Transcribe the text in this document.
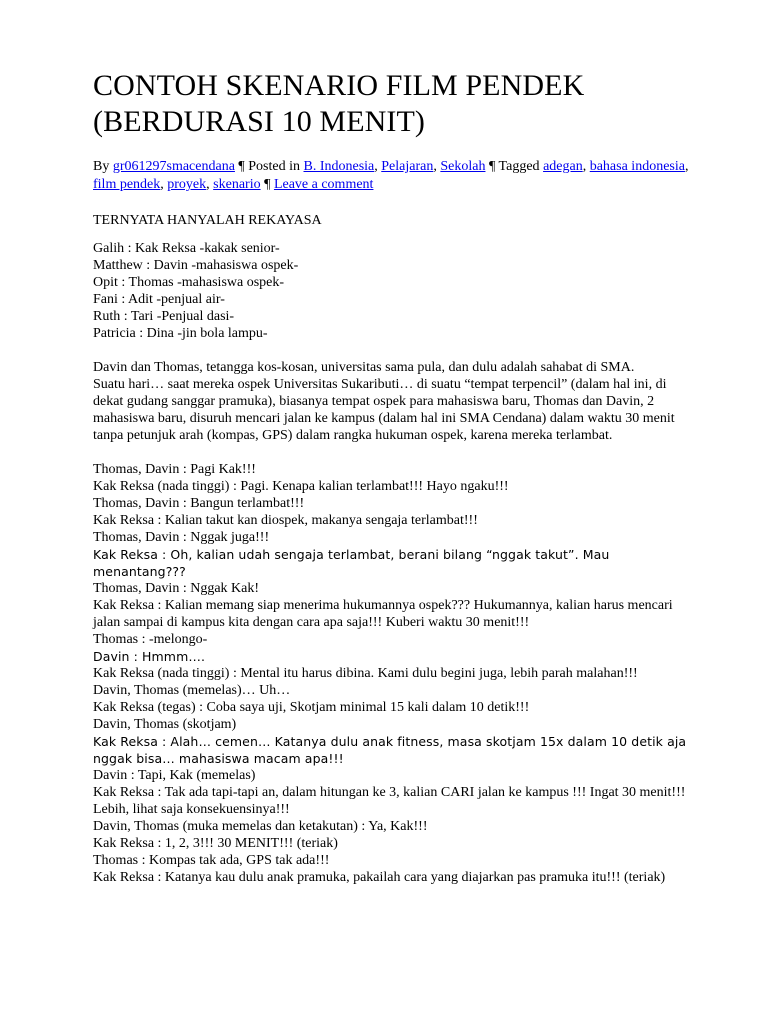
CONTOH SKENARIO FILM PENDEK
(BERDURASI 10 MENIT)
By gr061297smacendana ¶ Posted in B. Indonesia, Pelajaran, Sekolah ¶ Tagged adegan, bahasa indonesia, film pendek, proyek, skenario ¶ Leave a comment
TERNYATA HANYALAH REKAYASA
Galih : Kak Reksa -kakak senior-
Matthew : Davin -mahasiswa ospek-
Opit : Thomas -mahasiswa ospek-
Fani : Adit -penjual air-
Ruth : Tari -Penjual dasi-
Patricia : Dina -jin bola lampu-
Davin dan Thomas, tetangga kos-kosan, universitas sama pula, dan dulu adalah sahabat di SMA.
Suatu hari… saat mereka ospek Universitas Sukaributi… di suatu “tempat terpencil” (dalam hal ini, di dekat gudang sanggar pramuka), biasanya tempat ospek para mahasiswa baru, Thomas dan Davin, 2 mahasiswa baru, disuruh mencari jalan ke kampus (dalam hal ini SMA Cendana) dalam waktu 30 menit tanpa petunjuk arah (kompas, GPS) dalam rangka hukuman ospek, karena mereka terlambat.
Thomas, Davin : Pagi Kak!!!
Kak Reksa (nada tinggi) : Pagi. Kenapa kalian terlambat!!! Hayo ngaku!!!
Thomas, Davin : Bangun terlambat!!!
Kak Reksa : Kalian takut kan diospek, makanya sengaja terlambat!!!
Thomas, Davin : Nggak juga!!!
Kak Reksa : Oh, kalian udah sengaja terlambat, berani bilang “nggak takut”. Mau menantang???
Thomas, Davin : Nggak Kak!
Kak Reksa : Kalian memang siap menerima hukumannya ospek??? Hukumannya, kalian harus mencari jalan sampai di kampus kita dengan cara apa saja!!! Kuberi waktu 30 menit!!!
Thomas : -melongo-
Davin : Hmmm….
Kak Reksa (nada tinggi) : Mental itu harus dibina. Kami dulu begini juga, lebih parah malahan!!!
Davin, Thomas (memelas)… Uh…
Kak Reksa (tegas) : Coba saya uji, Skotjam minimal 15 kali dalam 10 detik!!!
Davin, Thomas (skotjam)
Kak Reksa : Alah… cemen… Katanya dulu anak fitness, masa skotjam 15x dalam 10 detik aja nggak bisa… mahasiswa macam apa!!!
Davin : Tapi, Kak (memelas)
Kak Reksa : Tak ada tapi-tapi an, dalam hitungan ke 3, kalian CARI jalan ke kampus !!! Ingat 30 menit!!! Lebih, lihat saja konsekuensinya!!!
Davin, Thomas (muka memelas dan ketakutan) : Ya, Kak!!!
Kak Reksa : 1, 2, 3!!! 30 MENIT!!! (teriak)
Thomas : Kompas tak ada, GPS tak ada!!!
Kak Reksa : Katanya kau dulu anak pramuka, pakailah cara yang diajarkan pas pramuka itu!!! (teriak)
